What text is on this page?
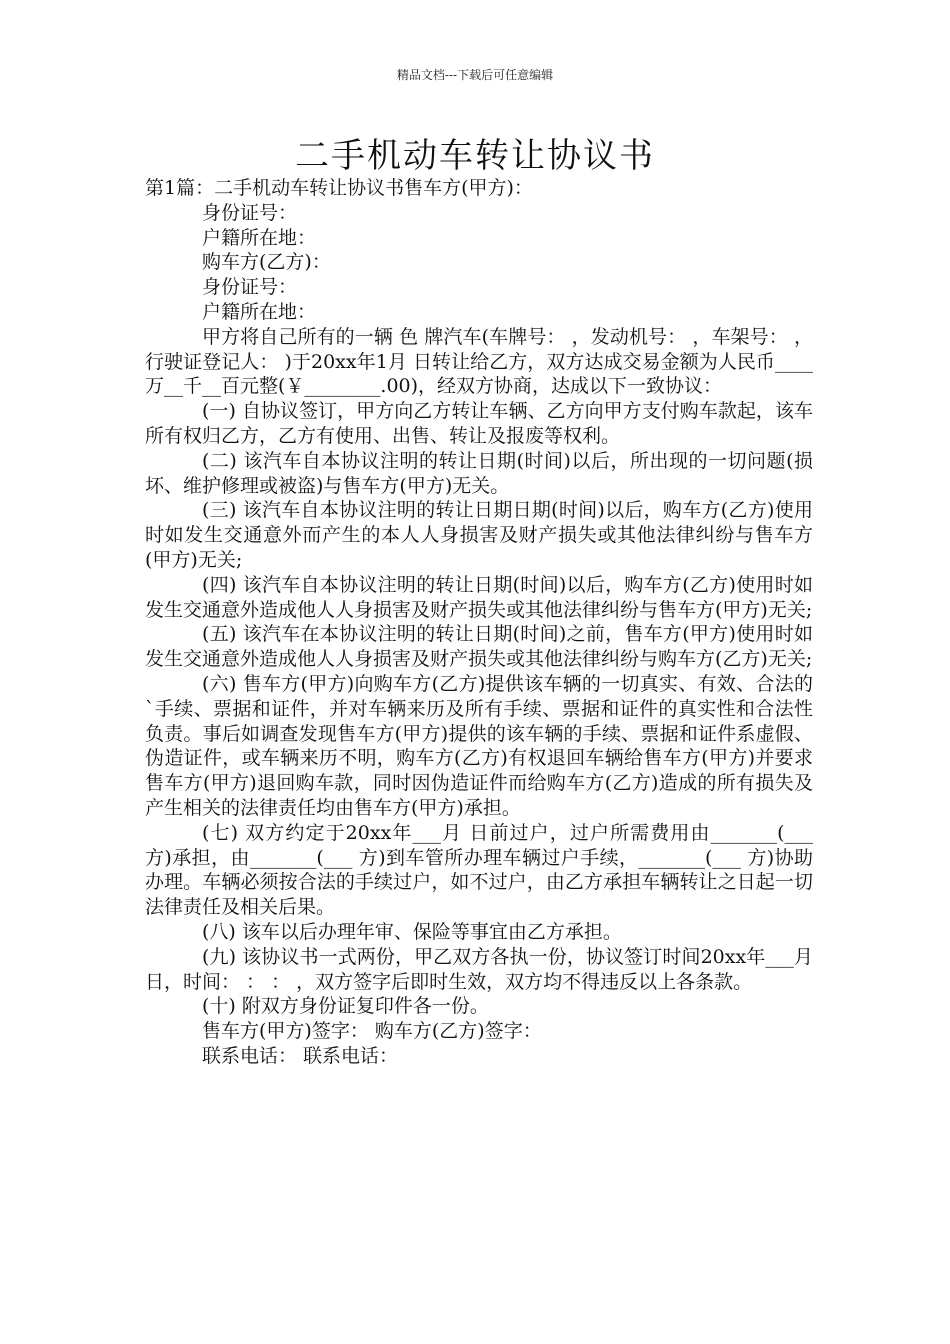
精品文档---下载后可任意编辑
二手机动车转让协议书

第1篇：二手机动车转让协议书售车方(甲方)：

身份证号：

户籍所在地：

购车方(乙方)：

身份证号：

户籍所在地：

甲方将自己所有的一辆 色 牌汽车(车牌号： ，发动机号： ，车架号： ，行驶证登记人： )于20xx年1月 日转让给乙方，双方达成交易金额为人民币____万__千__百元整(￥________.00)，经双方协商，达成以下一致协议：

(一) 自协议签订，甲方向乙方转让车辆、乙方向甲方支付购车款起，该车所有权归乙方，乙方有使用、出售、转让及报废等权利。

(二) 该汽车自本协议注明的转让日期(时间)以后，所出现的一切问题(损坏、维护修理或被盗)与售车方(甲方)无关。

(三) 该汽车自本协议注明的转让日期日期(时间)以后，购车方(乙方)使用时如发生交通意外而产生的本人人身损害及财产损失或其他法律纠纷与售车方(甲方)无关;

(四) 该汽车自本协议注明的转让日期(时间)以后，购车方(乙方)使用时如发生交通意外造成他人人身损害及财产损失或其他法律纠纷与售车方(甲方)无关;

(五) 该汽车在本协议注明的转让日期(时间)之前，售车方(甲方)使用时如发生交通意外造成他人人身损害及财产损失或其他法律纠纷与购车方(乙方)无关;

(六) 售车方(甲方)向购车方(乙方)提供该车辆的一切真实、有效、合法的`手续、票据和证件，并对车辆来历及所有手续、票据和证件的真实性和合法性负责。事后如调查发现售车方(甲方)提供的该车辆的手续、票据和证件系虚假、伪造证件，或车辆来历不明，购车方(乙方)有权退回车辆给售车方(甲方)并要求售车方(甲方)退回购车款，同时因伪造证件而给购车方(乙方)造成的所有损失及产生相关的法律责任均由售车方(甲方)承担。

(七) 双方约定于20xx年___月 日前过户，过户所需费用由_______(___ 方)承担，由_______(___ 方)到车管所办理车辆过户手续，_______(___ 方)协助办理。车辆必须按合法的手续过户，如不过户，由乙方承担车辆转让之日起一切法律责任及相关后果。

(八) 该车以后办理年审、保险等事宜由乙方承担。

(九) 该协议书一式两份，甲乙双方各执一份，协议签订时间20xx年___月 日，时间： ： ： ，双方签字后即时生效，双方均不得违反以上各条款。

(十) 附双方身份证复印件各一份。

售车方(甲方)签字： 购车方(乙方)签字：

联系电话： 联系电话：
